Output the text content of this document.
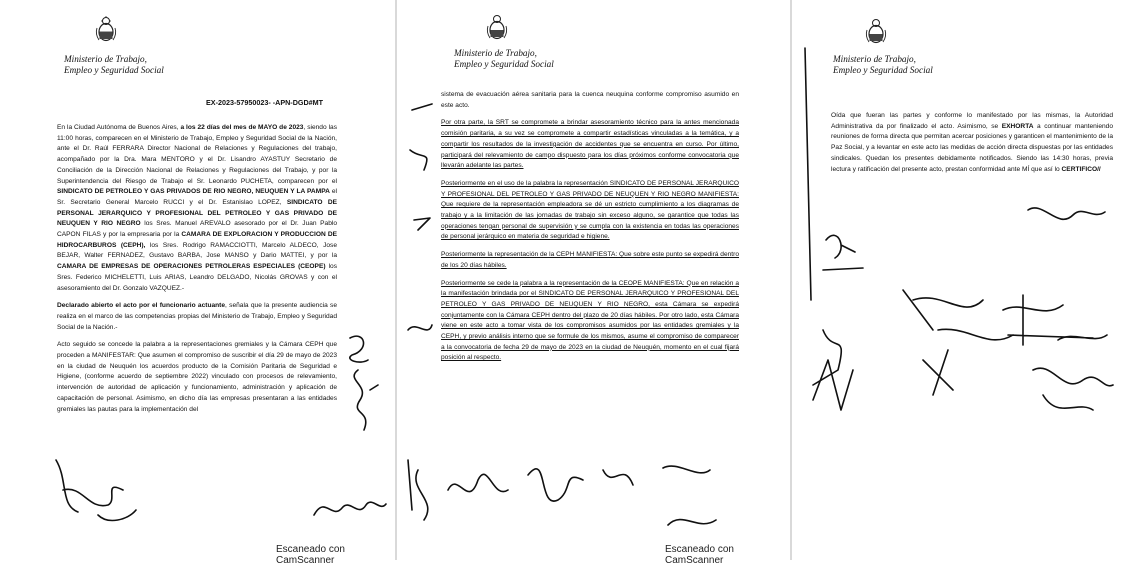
Ministerio de Trabajo,
Empleo y Seguridad Social
EX-2023-57950023- -APN-DGD#MT

En la Ciudad Autónoma de Buenos Aires, a los 22 días del mes de MAYO de 2023, siendo las 11:00 horas, comparecen en el Ministerio de Trabajo, Empleo y Seguridad Social de la Nación, ante el Dr. Raúl FERRARA Director Nacional de Relaciones y Regulaciones del trabajo, acompañado por la Dra. Mara MENTORO y el Dr. Lisandro AYASTUY Secretario de Conciliación de la Dirección Nacional de Relaciones y Regulaciones del Trabajo, y por la Superintendencia del Riesgo de Trabajo el Sr. Leonardo PUCHETA, comparecen por el SINDICATO DE PETROLEO Y GAS PRIVADOS DE RIO NEGRO, NEUQUEN Y LA PAMPA el Sr. Secretario General Marcelo RUCCI y el Dr. Estanislao LOPEZ, SINDICATO DE PERSONAL JERARQUICO Y PROFESIONAL DEL PETROLEO Y GAS PRIVADO DE NEUQUEN Y RIO NEGRO los Sres. Manuel AREVALO asesorado por el Dr. Juan Pablo CAPON FILAS y por la empresaria por la CAMARA DE EXPLORACION Y PRODUCCION DE HIDROCARBUROS (CEPH), los Sres. Rodrigo RAMACCIOTTI, Marcelo ALDECO, Jose BEJAR, Walter FERNADEZ, Gustavo BARBA, Jose MANSO y Dario MATTEI, y por la CAMARA DE EMPRESAS DE OPERACIONES PETROLERAS ESPECIALES (CEOPE) los Sres. Federico MICHELETTI, Luis ARIAS, Leandro DELGADO, Nicolás GROVAS y con el asesoramiento del Dr. Gonzalo VAZQUEZ.-

Declarado abierto el acto por el funcionario actuante, señala que la presente audiencia se realiza en el marco de las competencias propias del Ministerio de Trabajo, Empleo y Seguridad Social de la Nación.-

Acto seguido se concede la palabra a la representaciones gremiales y la Cámara CEPH que proceden a MANIFESTAR: Que asumen el compromiso de suscribir el día 29 de mayo de 2023 en la ciudad de Neuquén los acuerdos producto de la Comisión Paritaria de Seguridad e Higiene, (conforme acuerdo de septiembre 2022) vinculado con procesos de relevamiento, intervención de autoridad de aplicación y funcionamiento, administración y aplicación de capacitación de personal. Asimismo, en dicho día las empresas presentaran a las entidades gremiales las pautas para la implementación del

Escaneado con CamScanner
Ministerio de Trabajo,
Empleo y Seguridad Social

sistema de evacuación aérea sanitaria para la cuenca neuquina conforme compromiso asumido en este acto.

Por otra parte, la SRT se compromete a brindar asesoramiento técnico para la antes mencionada comisión paritaria, a su vez se compromete a compartir estadísticas vinculadas a la temática, y a compartir los resultados de la investigación de accidentes que se encuentra en curso. Por último, participará del relevamiento de campo dispuesto para los días próximos conforme convocatoria que llevarán adelante las partes.

Posteriormente en el uso de la palabra la representación SINDICATO DE PERSONAL JERARQUICO Y PROFESIONAL DEL PETROLEO Y GAS PRIVADO DE NEUQUEN Y RIO NEGRO MANIFIESTA: Que requiere de la representación empleadora se dé un estricto cumplimiento a los diagramas de trabajo y a la limitación de las jornadas de trabajo sin exceso alguno, se garantice que todas las operaciones tengan personal de supervisión y se cumpla con la existencia en todas las operaciones de personal jerárquico en materia de seguridad e higiene.

Posteriormente la representación de la CEPH MANIFIESTA: Que sobre este punto se expedirá dentro de los 20 días hábiles.

Posteriormente se cede la palabra a la representación de la CEOPE MANIFIESTA: Que en relación a la manifestación brindada por el SINDICATO DE PERSONAL JERARQUICO Y PROFESIONAL DEL PETROLEO Y GAS PRIVADO DE NEUQUEN Y RIO NEGRO, esta Cámara se expedirá conjuntamente con la Cámara CEPH dentro del plazo de 20 días hábiles. Por otro lado, esta Cámara viene en este acto a tomar vista de los compromisos asumidos por las entidades gremiales y la CEPH, y previo análisis interno que se formule de los mismos, asume el compromiso de comparecer a la convocatoria de fecha 29 de mayo de 2023 en la ciudad de Neuquén, momento en el cual fijará posición al respecto.

Escaneado con CamScanner
Ministerio de Trabajo,
Empleo y Seguridad Social

Oída que fueran las partes y conforme lo manifestado por las mismas, la Autoridad Administrativa da por finalizado el acto. Asimismo, se EXHORTA a continuar manteniendo reuniones de forma directa que permitan acercar posiciones y garanticen el mantenimiento de la Paz Social, y a levantar en este acto las medidas de acción directa dispuestas por las entidades sindicales. Quedan los presentes debidamente notificados. Siendo las 14:30 horas, previa lectura y ratificación del presente acto, prestan conformidad ante MÍ que así lo CERTIFICO//
